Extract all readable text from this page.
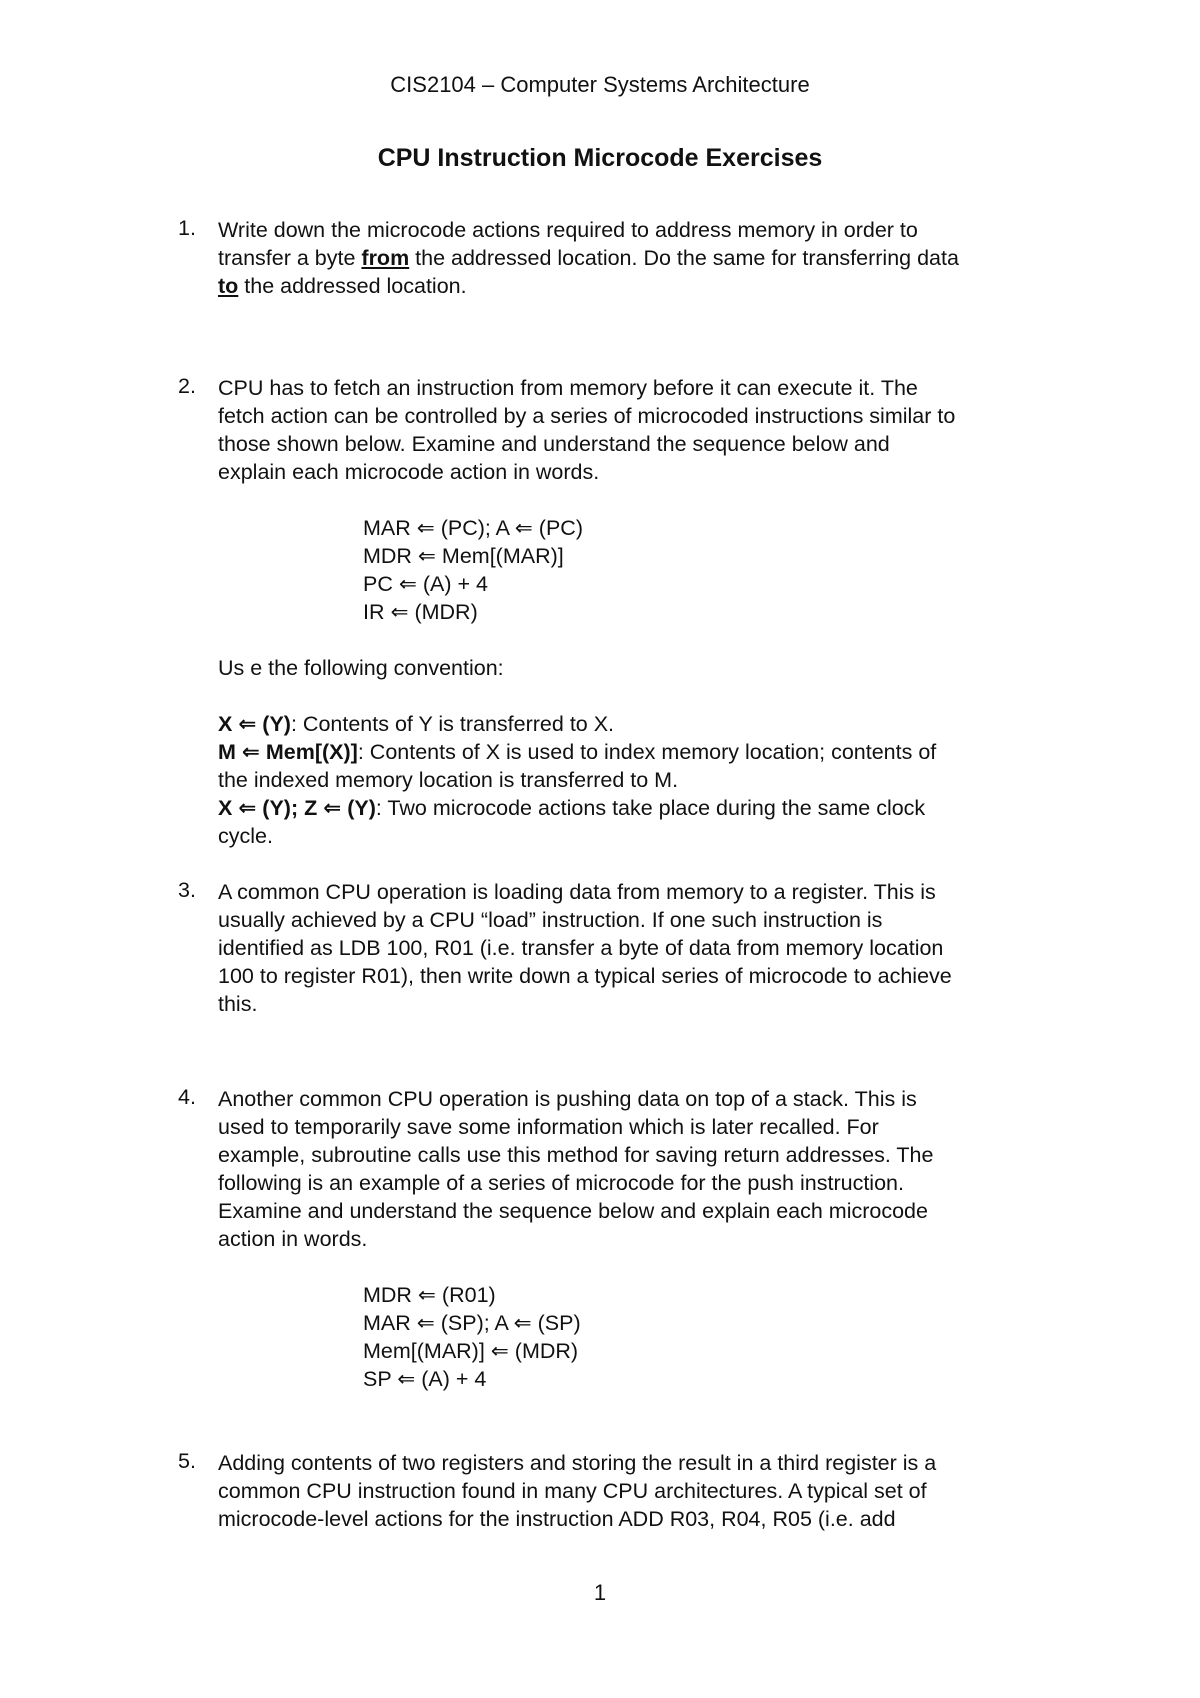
CIS2104 – Computer Systems Architecture
CPU Instruction Microcode Exercises
1. Write down the microcode actions required to address memory in order to
transfer a byte from the addressed location. Do the same for transferring data
to the addressed location.
2. CPU has to fetch an instruction from memory before it can execute it. The
fetch action can be controlled by a series of microcoded instructions similar to
those shown below. Examine and understand the sequence below and
explain each microcode action in words.
MAR ⇐ (PC); A ⇐ (PC)
MDR ⇐ Mem[(MAR)]
PC ⇐ (A) + 4
IR ⇐ (MDR)
Us e the following convention:
X ⇐ (Y): Contents of Y is transferred to X.
M ⇐ Mem[(X)]: Contents of X is used to index memory location; contents of
the indexed memory location is transferred to M.
X ⇐ (Y); Z ⇐ (Y): Two microcode actions take place during the same clock
cycle.
3. A common CPU operation is loading data from memory to a register. This is
usually achieved by a CPU “load” instruction. If one such instruction is
identified as LDB 100, R01 (i.e. transfer a byte of data from memory location
100 to register R01), then write down a typical series of microcode to achieve
this.
4. Another common CPU operation is pushing data on top of a stack. This is
used to temporarily save some information which is later recalled. For
example, subroutine calls use this method for saving return addresses. The
following is an example of a series of microcode for the push instruction.
Examine and understand the sequence below and explain each microcode
action in words.
MDR ⇐ (R01)
MAR ⇐ (SP); A ⇐ (SP)
Mem[(MAR)] ⇐ (MDR)
SP ⇐ (A) + 4
5. Adding contents of two registers and storing the result in a third register is a
common CPU instruction found in many CPU architectures. A typical set of
microcode-level actions for the instruction ADD R03, R04, R05 (i.e. add
1
